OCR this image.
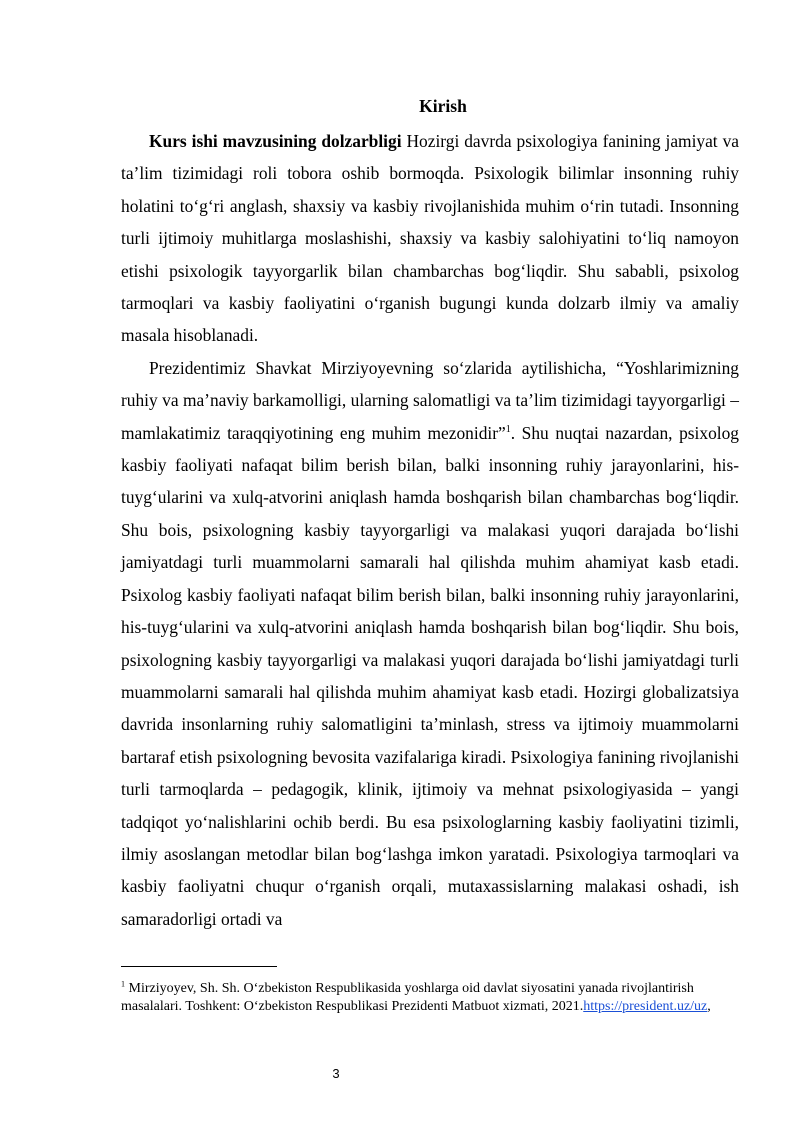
Kirish

Kurs ishi mavzusining dolzarbligi Hozirgi davrda psixologiya fanining jamiyat va ta’lim tizimidagi roli tobora oshib bormoqda. Psixologik bilimlar insonning ruhiy holatini to‘g‘ri anglash, shaxsiy va kasbiy rivojlanishida muhim o‘rin tutadi. Insonning turli ijtimoiy muhitlarga moslashishi, shaxsiy va kasbiy salohiyatini to‘liq namoyon etishi psixologik tayyorgarlik bilan chambarchas bog‘liqdir. Shu sababli, psixolog tarmoqlari va kasbiy faoliyatini o‘rganish bugungi kunda dolzarb ilmiy va amaliy masala hisoblanadi.

Prezidentimiz Shavkat Mirziyoyevning so‘zlarida aytilishicha, “Yoshlarimizning ruhiy va ma’naviy barkamolligi, ularning salomatligi va ta’lim tizimidagi tayyorgarligi – mamlakatimiz taraqqiyotining eng muhim mezonidir”$^1$. Shu nuqtai nazardan, psixolog kasbiy faoliyati nafaqat bilim berish bilan, balki insonning ruhiy jarayonlarini, his-tuyg‘ularini va xulq-atvorini aniqlash hamda boshqarish bilan chambarchas bog‘liqdir. Shu bois, psixologning kasbiy tayyorgarligi va malakasi yuqori darajada bo‘lishi jamiyatdagi turli muammolarni samarali hal qilishda muhim ahamiyat kasb etadi. Psixolog kasbiy faoliyati nafaqat bilim berish bilan, balki insonning ruhiy jarayonlarini, his-tuyg‘ularini va xulq-atvorini aniqlash hamda boshqarish bilan bog‘liqdir. Shu bois, psixologning kasbiy tayyorgarligi va malakasi yuqori darajada bo‘lishi jamiyatdagi turli muammolarni samarali hal qilishda muhim ahamiyat kasb etadi. Hozirgi globalizatsiya davrida insonlarning ruhiy salomatligini ta’minlash, stress va ijtimoiy muammolarni bartaraf etish psixologning bevosita vazifalariga kiradi. Psixologiya fanining rivojlanishi turli tarmoqlarda – pedagogik, klinik, ijtimoiy va mehnat psixologiyasida – yangi tadqiqot yo‘nalishlarini ochib berdi. Bu esa psixologlarning kasbiy faoliyatini tizimli, ilmiy asoslangan metodlar bilan bog‘lashga imkon yaratadi. Psixologiya tarmoqlari va kasbiy faoliyatni chuqur o‘rganish orqali, mutaxassislarning malakasi oshadi, ish samaradorligi ortadi va

$^1$ Mirziyoyev, Sh. Sh. O‘zbekiston Respublikasida yoshlarga oid davlat siyosatini yanada rivojlantirish masalalari. Toshkent: O‘zbekiston Respublikasi Prezidenti Matbuot xizmati, 2021.https://president.uz/uz,
3
